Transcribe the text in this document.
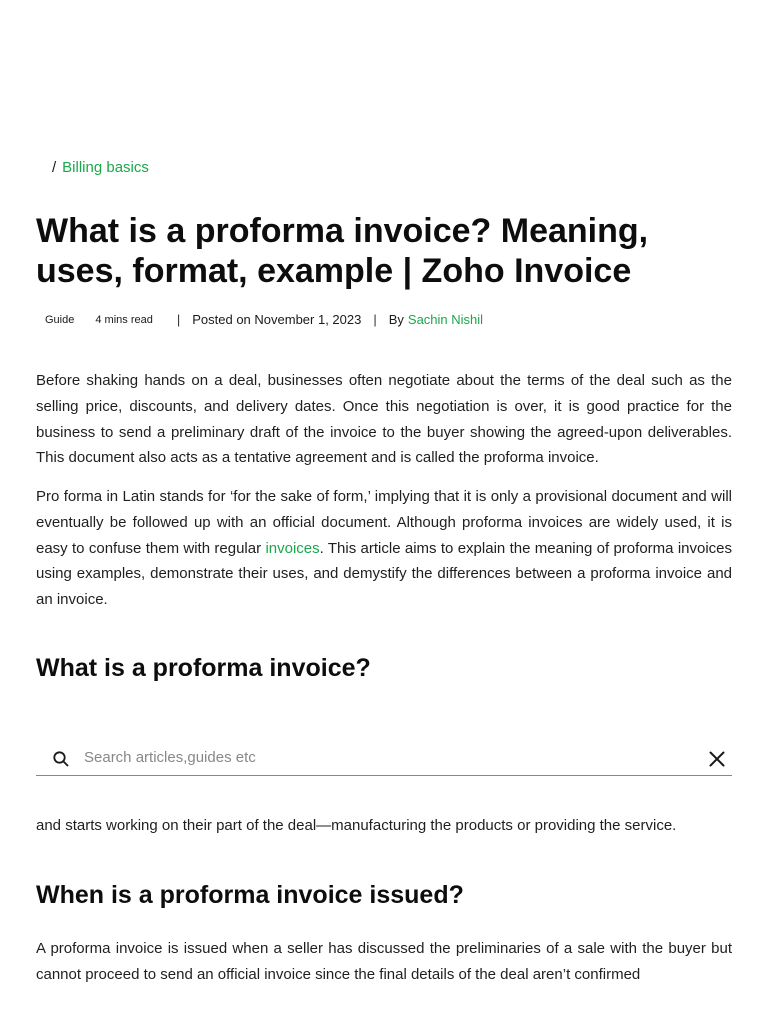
/ Billing basics
What is a proforma invoice? Meaning, uses, format, example | Zoho Invoice
Guide 4 mins read | Posted on November 1, 2023 | By Sachin Nishil

Before shaking hands on a deal, businesses often negotiate about the terms of the deal such as the selling price, discounts, and delivery dates. Once this negotiation is over, it is good practice for the business to send a preliminary draft of the invoice to the buyer showing the agreed-upon deliverables. This document also acts as a tentative agreement and is called the proforma invoice.

Pro forma in Latin stands for ‘for the sake of form,’ implying that it is only a provisional document and will eventually be followed up with an official document. Although proforma invoices are widely used, it is easy to confuse them with regular invoices. This article aims to explain the meaning of proforma invoices using examples, demonstrate their uses, and demystify the differences between a proforma invoice and an invoice.

What is a proforma invoice?
Search articles,guides etc

and starts working on their part of the deal—manufacturing the products or providing the service.

When is a proforma invoice issued?

A proforma invoice is issued when a seller has discussed the preliminaries of a sale with the buyer but cannot proceed to send an official invoice since the final details of the deal aren’t confirmed
